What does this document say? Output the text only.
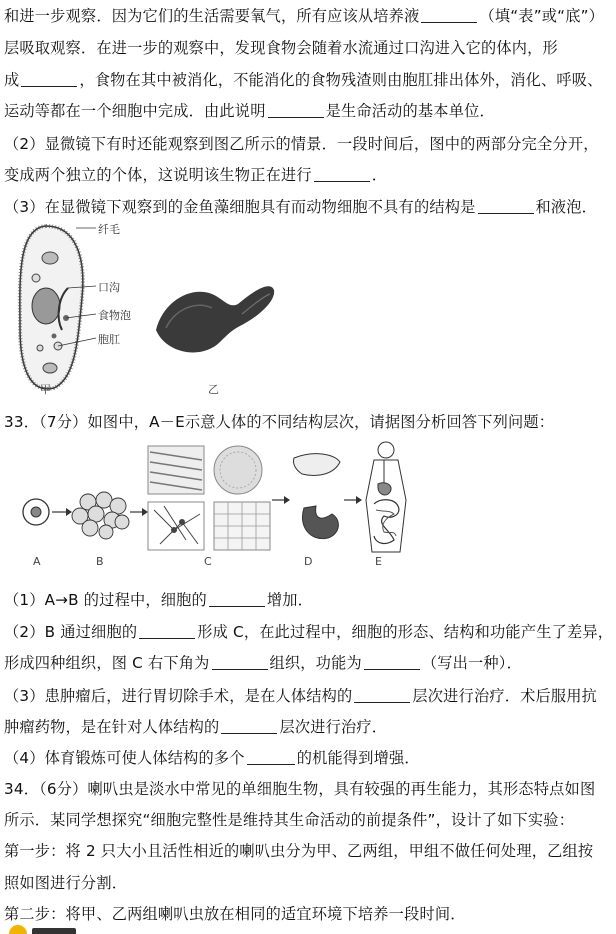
和进一步观察．因为它们的生活需要氧气，所有应该从培养液	（填“表”或“底”）
层吸取观察．在进一步的观察中，发现食物会随着水流通过口沟进入它的体内，形
成	，食物在其中被消化，不能消化的食物残渣则由胞肛排出体外，消化、呼吸、
运动等都在一个细胞中完成．由此说明	是生命活动的基本单位．
（2）显微镜下有时还能观察到图乙所示的情景．一段时间后，图中的两部分完全分开，
变成两个独立的个体，这说明该生物正在进行	．
（3）在显微镜下观察到的金鱼藻细胞具有而动物细胞不具有的结构是	和液泡．
纤毛
口沟
食物泡
胞肛
甲	乙
33．（7分）如图中，A－E示意人体的不同结构层次，请据图分析回答下列问题：
A	B	C	D	E
（1）A→B 的过程中，细胞的	增加．
（2）B 通过细胞的	形成 C，在此过程中，细胞的形态、结构和功能产生了差异，
形成四种组织，图 C 右下角为	组织，功能为	（写出一种）．
（3）患肿瘤后，进行胃切除手术，是在人体结构的	层次进行治疗．术后服用抗
肿瘤药物，是在针对人体结构的	层次进行治疗．
（4）体育锻炼可使人体结构的多个	的机能得到增强．
34．（6分）喇叭虫是淡水中常见的单细胞生物，具有较强的再生能力，其形态特点如图
所示．某同学想探究“细胞完整性是维持其生命活动的前提条件”，设计了如下实验：
第一步：将 2 只大小且活性相近的喇叭虫分为甲、乙两组，甲组不做任何处理，乙组按
照如图进行分割．
第二步：将甲、乙两组喇叭虫放在相同的适宜环境下培养一段时间．
